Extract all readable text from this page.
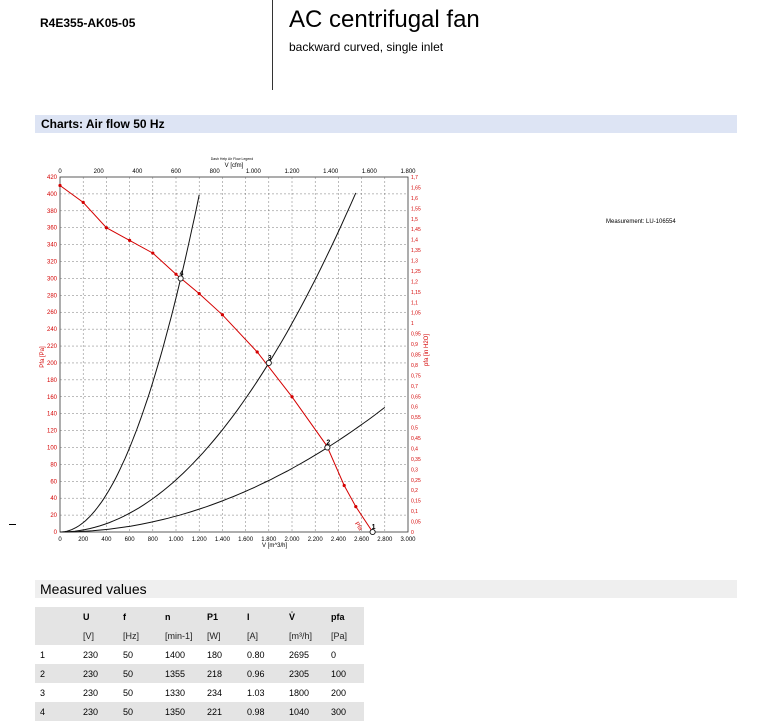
R4E355-AK05-05	AC centrifugal fan
backward curved, single inlet
Charts: Air flow 50 Hz
Measurement: LU-106554
0	200 400 600 800 1.000 1.200 1.400 1.600 1.800 2.000 2.200 2.400 2.600 2.800 3.000
0
20
40
60
80
100
120
140
160
180
200
220
240
260
280
300
320
340
360
380
400
420
0	200	400	600	800	1.000	1.200	1.400	1.600	1.800
0
0,05
0,1
0,15
0,2
0,25
0,3
0,35
0,4
0,45
0,5
0,55
0,6
0,65
0,7
0,75
0,8
0,85
0,9
0,95
1
1,05
1,1
1,15
1,2
1,25
1,3
1,35
1,4
1,45
1,5
1,55
1,6
1,65
1,7
Dash Help Air Flow Legend
V [cfm]
V [m^3/h]
Pfa [Pa]	pfa [in H2O]
Pfa
4
3
2
1
Measured values
	U	f	n	P1	I	V̇	pfa
	[V]	[Hz]	[min-1]	[W]	[A]	[m³/h]	[Pa]
1	230	50	1400	180	0.80	2695	0
2	230	50	1355	218	0.96	2305	100
3	230	50	1330	234	1.03	1800	200
4	230	50	1350	221	0.98	1040	300
